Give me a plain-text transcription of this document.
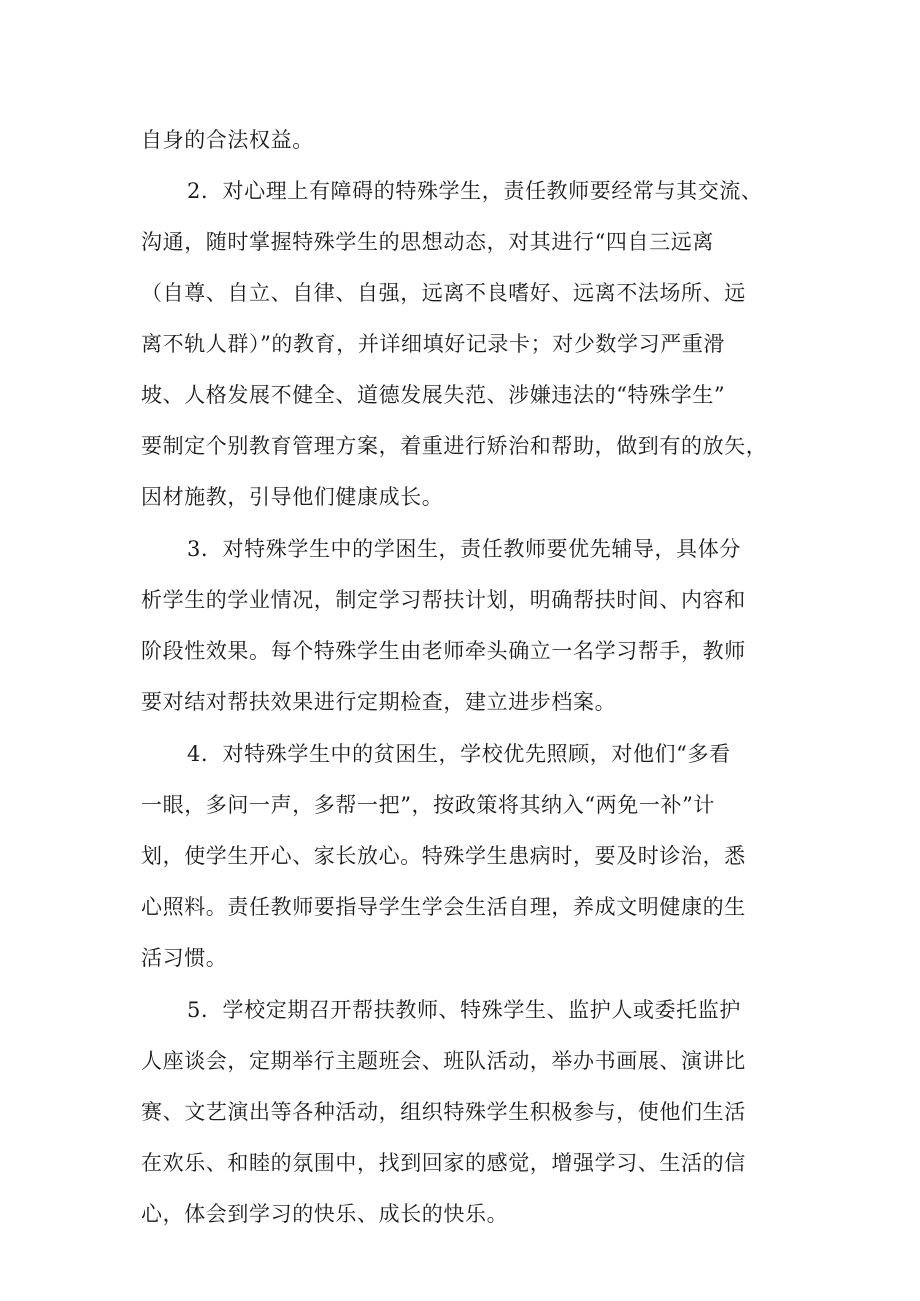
自身的合法权益。
2．对心理上有障碍的特殊学生，责任教师要经常与其交流、
沟通，随时掌握特殊学生的思想动态，对其进行“四自三远离
（自尊、自立、自律、自强，远离不良嗜好、远离不法场所、远
离不轨人群）”的教育，并详细填好记录卡；对少数学习严重滑
坡、人格发展不健全、道德发展失范、涉嫌违法的“特殊学生”
要制定个别教育管理方案，着重进行矫治和帮助，做到有的放矢，
因材施教，引导他们健康成长。
3．对特殊学生中的学困生，责任教师要优先辅导，具体分
析学生的学业情况，制定学习帮扶计划，明确帮扶时间、内容和
阶段性效果。每个特殊学生由老师牵头确立一名学习帮手，教师
要对结对帮扶效果进行定期检查，建立进步档案。
4．对特殊学生中的贫困生，学校优先照顾，对他们“多看
一眼，多问一声，多帮一把”，按政策将其纳入“两免一补”计
划，使学生开心、家长放心。特殊学生患病时，要及时诊治，悉
心照料。责任教师要指导学生学会生活自理，养成文明健康的生
活习惯。
5．学校定期召开帮扶教师、特殊学生、监护人或委托监护
人座谈会，定期举行主题班会、班队活动，举办书画展、演讲比
赛、文艺演出等各种活动，组织特殊学生积极参与，使他们生活
在欢乐、和睦的氛围中，找到回家的感觉，增强学习、生活的信
心，体会到学习的快乐、成长的快乐。
